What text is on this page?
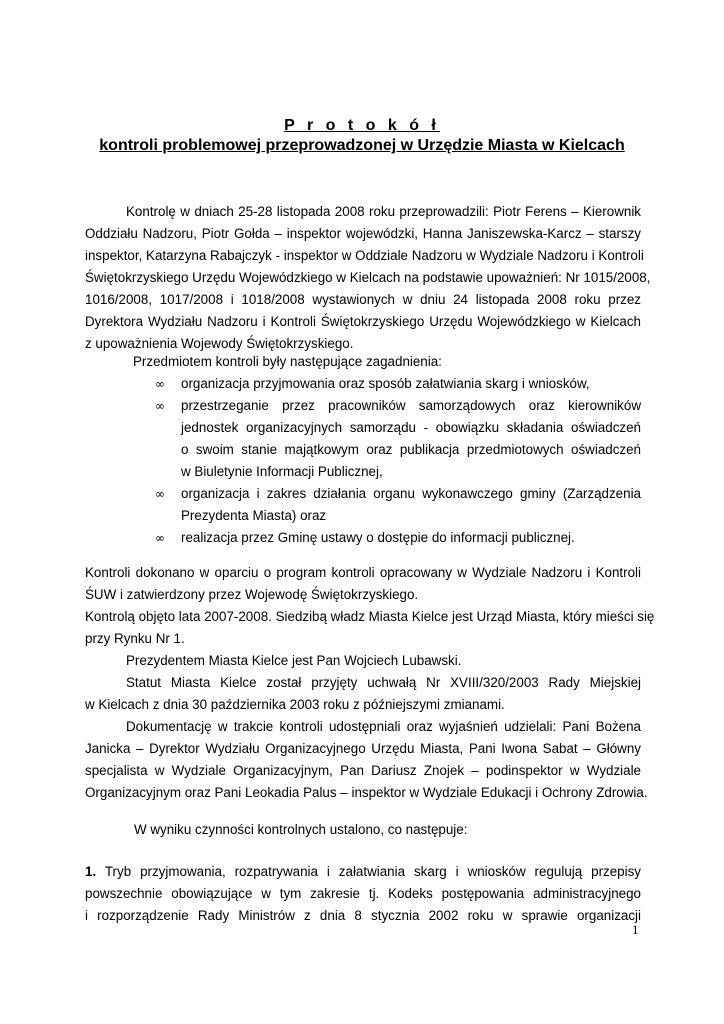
P r o t o k ó ł
kontroli problemowej przeprowadzonej w Urzędzie Miasta w Kielcach
Kontrolę w dniach 25-28 listopada 2008 roku przeprowadzili: Piotr Ferens – Kierownik
Oddziału Nadzoru, Piotr Gołda – inspektor wojewódzki, Hanna Janiszewska-Karcz – starszy
inspektor, Katarzyna Rabajczyk - inspektor w Oddziale Nadzoru w Wydziale Nadzoru i Kontroli
Świętokrzyskiego Urzędu Wojewódzkiego w Kielcach na podstawie upoważnień: Nr 1015/2008,
1016/2008, 1017/2008 i 1018/2008 wystawionych w dniu 24 listopada 2008 roku przez
Dyrektora Wydziału Nadzoru i Kontroli Świętokrzyskiego Urzędu Wojewódzkiego w Kielcach
z upoważnienia Wojewody Świętokrzyskiego.
Przedmiotem kontroli były następujące zagadnienia:
∞ organizacja przyjmowania oraz sposób załatwiania skarg i wniosków,
∞ przestrzeganie przez pracowników samorządowych oraz kierowników
jednostek organizacyjnych samorządu - obowiązku składania oświadczeń
o swoim stanie majątkowym oraz publikacja przedmiotowych oświadczeń
w Biuletynie Informacji Publicznej,
∞ organizacja i zakres działania organu wykonawczego gminy (Zarządzenia
Prezydenta Miasta) oraz
∞ realizacja przez Gminę ustawy o dostępie do informacji publicznej.
Kontroli dokonano w oparciu o program kontroli opracowany w Wydziale Nadzoru i Kontroli
ŚUW i zatwierdzony przez Wojewodę Świętokrzyskiego.
Kontrolą objęto lata 2007-2008. Siedzibą władz Miasta Kielce jest Urząd Miasta, który mieści się
przy Rynku Nr 1.
Prezydentem Miasta Kielce jest Pan Wojciech Lubawski.
Statut Miasta Kielce został przyjęty uchwałą Nr XVIII/320/2003 Rady Miejskiej
w Kielcach z dnia 30 października 2003 roku z późniejszymi zmianami.
Dokumentację w trakcie kontroli udostępniali oraz wyjaśnień udzielali: Pani Bożena
Janicka – Dyrektor Wydziału Organizacyjnego Urzędu Miasta, Pani Iwona Sabat – Główny
specjalista w Wydziale Organizacyjnym, Pan Dariusz Znojek – podinspektor w Wydziale
Organizacyjnym oraz Pani Leokadia Palus – inspektor w Wydziale Edukacji i Ochrony Zdrowia.
W wyniku czynności kontrolnych ustalono, co następuje:
1. Tryb przyjmowania, rozpatrywania i załatwiania skarg i wniosków regulują przepisy
powszechnie obowiązujące w tym zakresie tj. Kodeks postępowania administracyjnego
i rozporządzenie Rady Ministrów z dnia 8 stycznia 2002 roku w sprawie organizacji
1
